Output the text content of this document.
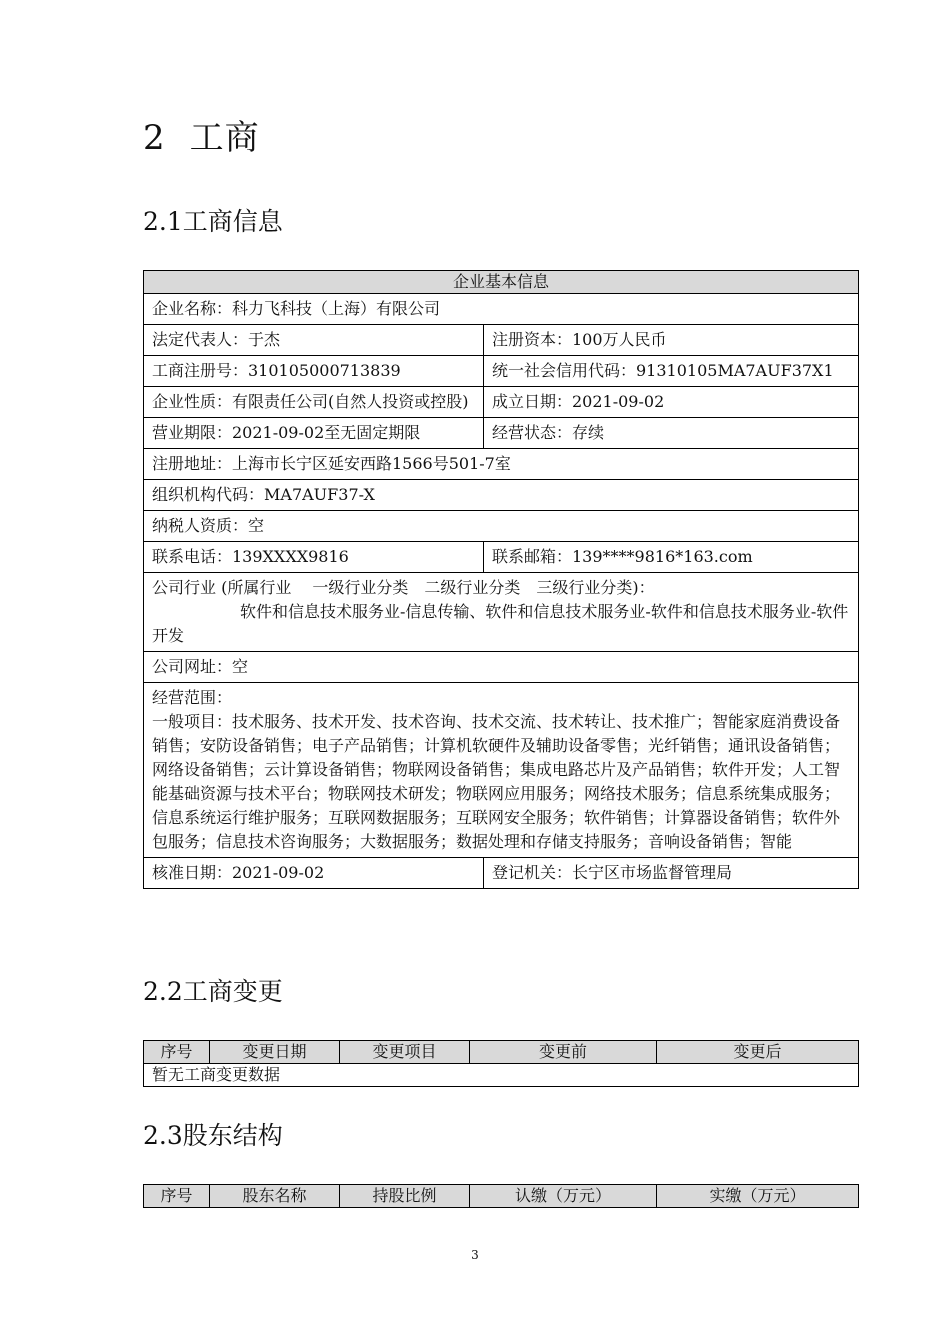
2 工商
2.1工商信息
企业基本信息	
企业名称：科力飞科技（上海）有限公司	
法定代表人：于杰	注册资本：100万人民币
工商注册号：310105000713839	统一社会信用代码：91310105MA7AUF37X1
企业性质：有限责任公司(自然人投资或控股)	成立日期：2021-09-02
营业期限：2021-09-02至无固定期限	经营状态：存续
注册地址：上海市长宁区延安西路1566号501-7室	
组织机构代码：MA7AUF37-X	
纳税人资质：空	
联系电话：139XXXX9816	联系邮箱：139****9816*163.com

公司行业 (所属行业　 一级行业分类　二级行业分类　三级行业分类)：
软件和信息技术服务业-信息传输、软件和信息技术服务业-软件和信息技术服务业-软件开发	

公司网址：空	

经营范围：
一般项目：技术服务、技术开发、技术咨询、技术交流、技术转让、技术推广；智能家庭消费设备销售；安防设备销售；电子产品销售；计算机软硬件及辅助设备零售；光纤销售；通讯设备销售；网络设备销售；云计算设备销售；物联网设备销售；集成电路芯片及产品销售；软件开发；人工智能基础资源与技术平台；物联网技术研发；物联网应用服务；网络技术服务；信息系统集成服务；信息系统运行维护服务；互联网数据服务；互联网安全服务；软件销售；计算器设备销售；软件外包服务；信息技术咨询服务；大数据服务；数据处理和存储支持服务；音响设备销售；智能	

核准日期：2021-09-02	登记机关：长宁区市场监督管理局
2.2工商变更
序号	变更日期	变更项目	变更前	变更后
暂无工商变更数据
2.3股东结构
序号	股东名称	持股比例	认缴（万元）	实缴（万元）
3
